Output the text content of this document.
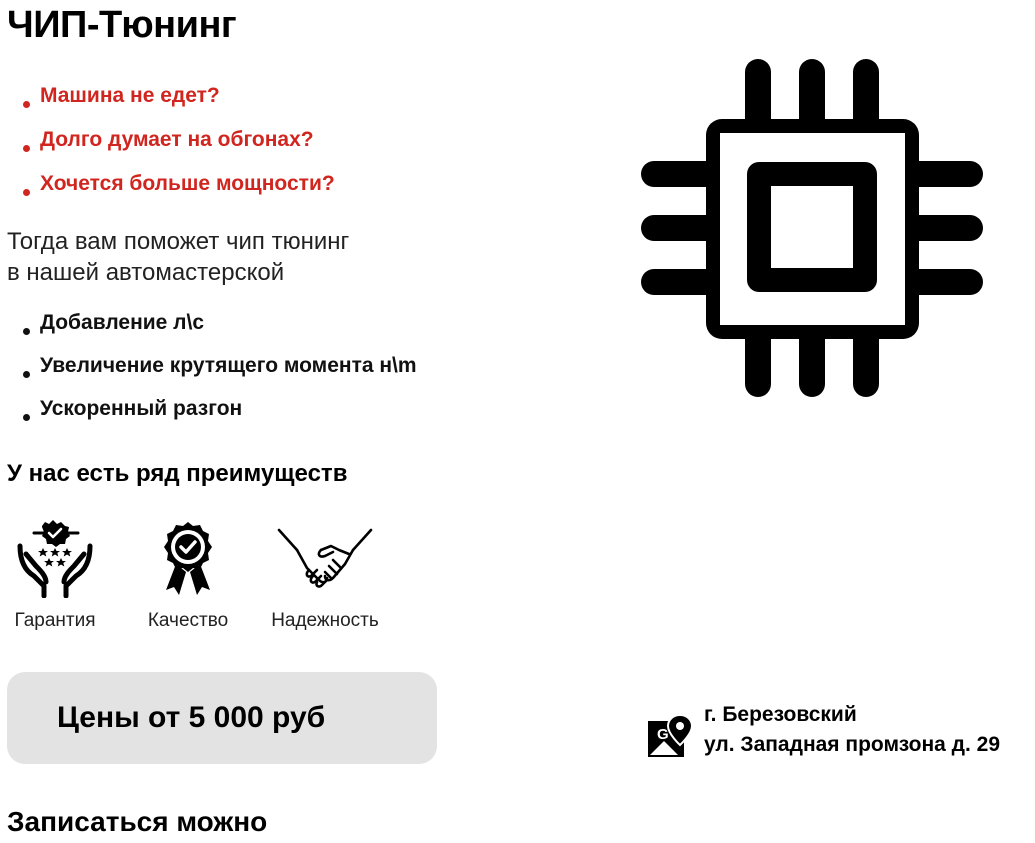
ЧИП-Тюнинг
Машина не едет?
Долго думает на обгонах?
Хочется больше мощности?
Тогда вам поможет чип тюнинг
в нашей автомастерской
Добавление л\с
Увеличение крутящего момента н\m
Ускоренный разгон
У нас есть ряд преимуществ
Гарантия	Качество	Надежность
Цены от 5 000 руб
G
г. Березовский
ул. Западная промзона д. 29
Записаться можно
